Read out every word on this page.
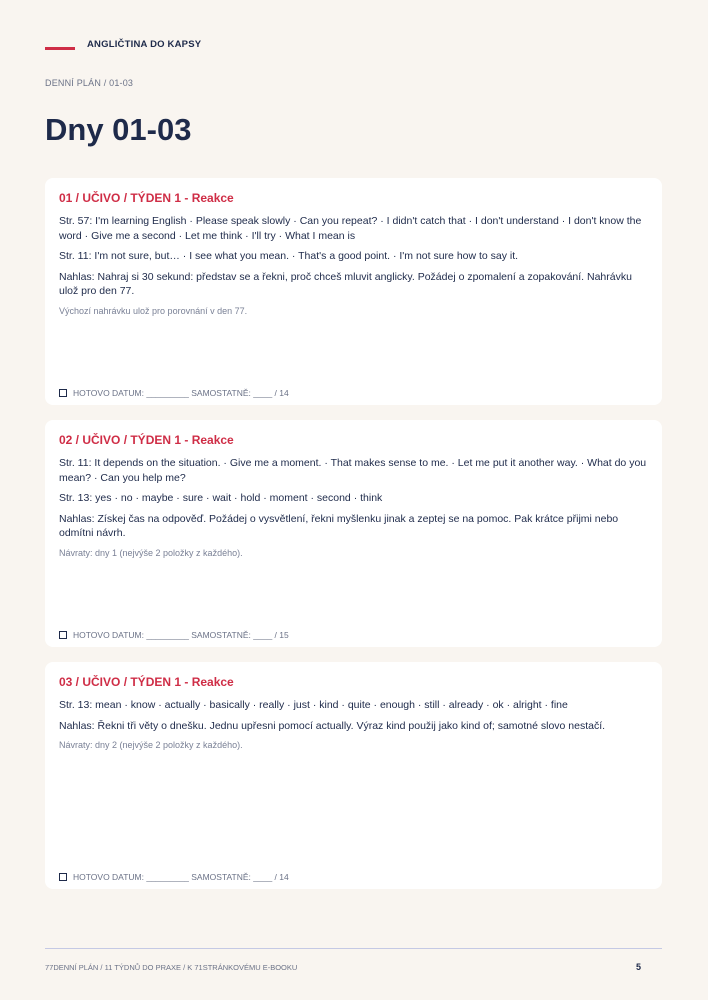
ANGLIČTINA DO KAPSY
DENNÍ PLÁN / 01-03
Dny 01-03
01 / UČIVO / TÝDEN 1 - Reakce

Str. 57: I'm learning English · Please speak slowly · Can you repeat? · I didn't catch that · I don't understand · I don't know the word · Give me a second · Let me think · I'll try · What I mean is

Str. 11: I'm not sure, but… · I see what you mean. · That's a good point. · I'm not sure how to say it.

Nahlas: Nahraj si 30 sekund: představ se a řekni, proč chceš mluvit anglicky. Požádej o zpomalení a zopakování. Nahrávku ulož pro den 77.

Výchozí nahrávku ulož pro porovnání v den 77.

HOTOVO DATUM: _________ SAMOSTATNĚ: ____ / 14
02 / UČIVO / TÝDEN 1 - Reakce

Str. 11: It depends on the situation. · Give me a moment. · That makes sense to me. · Let me put it another way. · What do you mean? · Can you help me?

Str. 13: yes · no · maybe · sure · wait · hold · moment · second · think

Nahlas: Získej čas na odpověď. Požádej o vysvětlení, řekni myšlenku jinak a zeptej se na pomoc. Pak krátce přijmi nebo odmítni návrh.

Návraty: dny 1 (nejvýše 2 položky z každého).

HOTOVO DATUM: _________ SAMOSTATNĚ: ____ / 15
03 / UČIVO / TÝDEN 1 - Reakce

Str. 13: mean · know · actually · basically · really · just · kind · quite · enough · still · already · ok · alright · fine

Nahlas: Řekni tři věty o dnešku. Jednu upřesni pomocí actually. Výraz kind použij jako kind of; samotné slovo nestačí.

Návraty: dny 2 (nejvýše 2 položky z každého).

HOTOVO DATUM: _________ SAMOSTATNĚ: ____ / 14
77DENNÍ PLÁN / 11 TÝDNŮ DO PRAXE / K 71STRÁNKOVÉMU E-BOOKU	5
